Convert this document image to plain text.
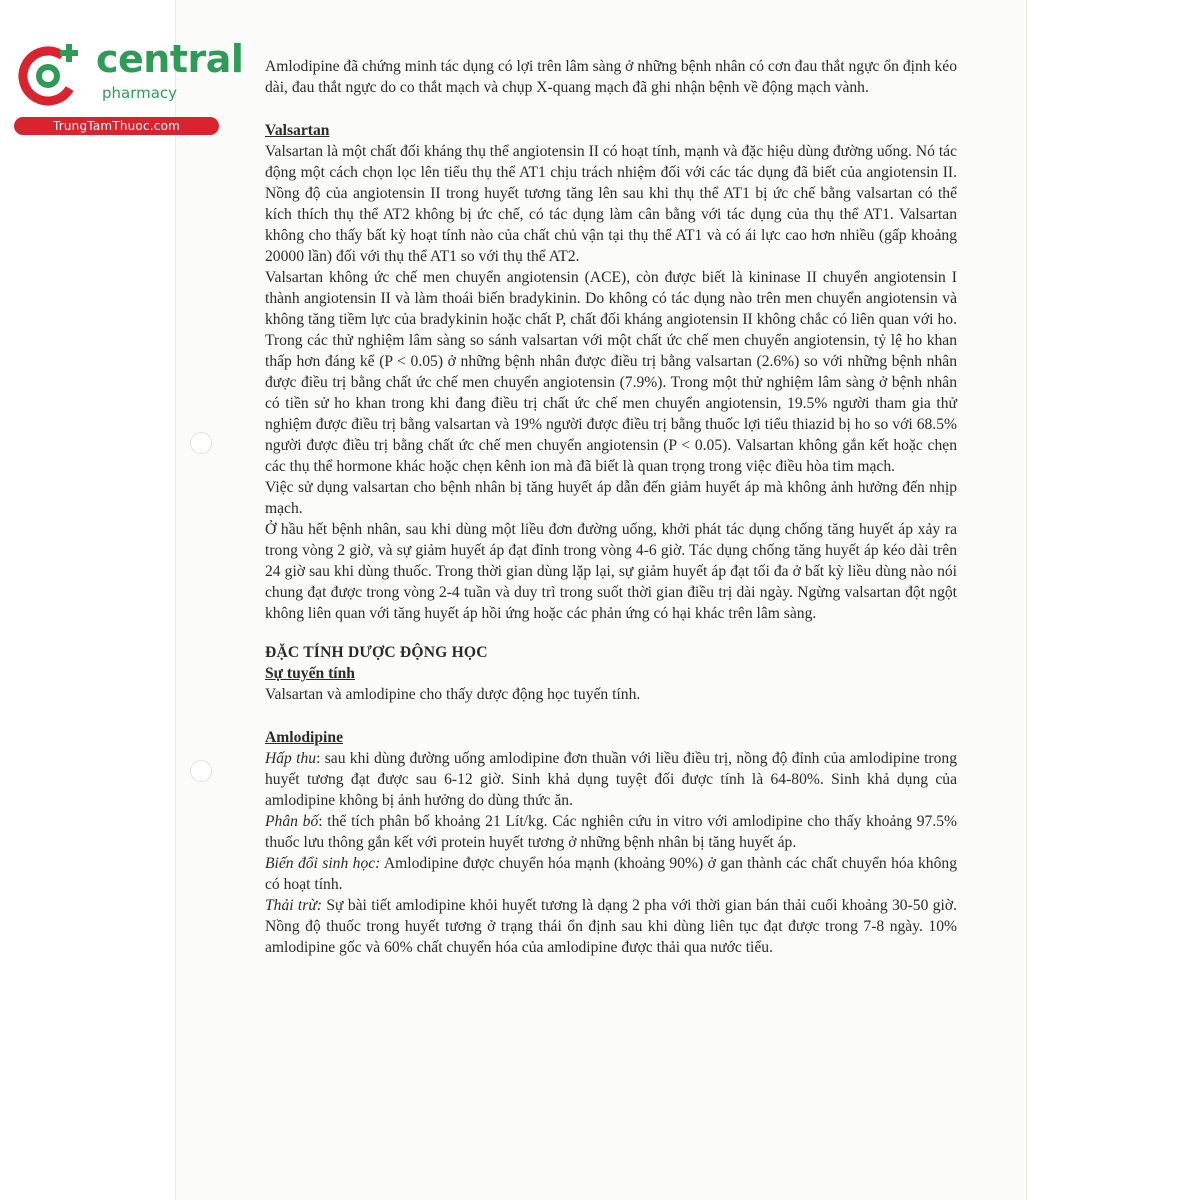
central
pharmacy
TrungTamThuoc.com

Amlodipine đã chứng minh tác dụng có lợi trên lâm sàng ở những bệnh nhân có cơn đau thắt ngực ổn định kéo dài, đau thắt ngực do co thắt mạch và chụp X-quang mạch đã ghi nhận bệnh về động mạch vành.

Valsartan

Valsartan là một chất đối kháng thụ thể angiotensin II có hoạt tính, mạnh và đặc hiệu dùng đường uống. Nó tác động một cách chọn lọc lên tiểu thụ thể AT1 chịu trách nhiệm đối với các tác dụng đã biết của angiotensin II. Nồng độ của angiotensin II trong huyết tương tăng lên sau khi thụ thể AT1 bị ức chế bằng valsartan có thể kích thích thụ thể AT2 không bị ức chế, có tác dụng làm cân bằng với tác dụng của thụ thể AT1. Valsartan không cho thấy bất kỳ hoạt tính nào của chất chủ vận tại thụ thể AT1 và có ái lực cao hơn nhiều (gấp khoảng 20000 lần) đối với thụ thể AT1 so với thụ thể AT2.

Valsartan không ức chế men chuyển angiotensin (ACE), còn được biết là kininase II chuyển angiotensin I thành angiotensin II và làm thoái biến bradykinin. Do không có tác dụng nào trên men chuyển angiotensin và không tăng tiềm lực của bradykinin hoặc chất P, chất đối kháng angiotensin II không chắc có liên quan với ho. Trong các thử nghiệm lâm sàng so sánh valsartan với một chất ức chế men chuyển angiotensin, tỷ lệ ho khan thấp hơn đáng kể (P < 0.05) ở những bệnh nhân được điều trị bằng valsartan (2.6%) so với những bệnh nhân được điều trị bằng chất ức chế men chuyển angiotensin (7.9%). Trong một thử nghiệm lâm sàng ở bệnh nhân có tiền sử ho khan trong khi đang điều trị chất ức chế men chuyển angiotensin, 19.5% người tham gia thử nghiệm được điều trị bằng valsartan và 19% người được điều trị bằng thuốc lợi tiểu thiazid bị ho so với 68.5% người được điều trị bằng chất ức chế men chuyển angiotensin (P < 0.05). Valsartan không gắn kết hoặc chẹn các thụ thể hormone khác hoặc chẹn kênh ion mà đã biết là quan trọng trong việc điều hòa tim mạch.

Việc sử dụng valsartan cho bệnh nhân bị tăng huyết áp dẫn đến giảm huyết áp mà không ảnh hưởng đến nhịp mạch.

Ở hầu hết bệnh nhân, sau khi dùng một liều đơn đường uống, khởi phát tác dụng chống tăng huyết áp xảy ra trong vòng 2 giờ, và sự giảm huyết áp đạt đỉnh trong vòng 4-6 giờ. Tác dụng chống tăng huyết áp kéo dài trên 24 giờ sau khi dùng thuốc. Trong thời gian dùng lặp lại, sự giảm huyết áp đạt tối đa ở bất kỳ liều dùng nào nói chung đạt được trong vòng 2-4 tuần và duy trì trong suốt thời gian điều trị dài ngày. Ngừng valsartan đột ngột không liên quan với tăng huyết áp hồi ứng hoặc các phản ứng có hại khác trên lâm sàng.

ĐẶC TÍNH DƯỢC ĐỘNG HỌC

Sự tuyến tính

Valsartan và amlodipine cho thấy dược động học tuyến tính.

Amlodipine

Hấp thu: sau khi dùng đường uống amlodipine đơn thuần với liều điều trị, nồng độ đỉnh của amlodipine trong huyết tương đạt được sau 6-12 giờ. Sinh khả dụng tuyệt đối được tính là 64-80%. Sinh khả dụng của amlodipine không bị ảnh hưởng do dùng thức ăn.

Phân bố: thể tích phân bố khoảng 21 Lít/kg. Các nghiên cứu in vitro với amlodipine cho thấy khoảng 97.5% thuốc lưu thông gắn kết với protein huyết tương ở những bệnh nhân bị tăng huyết áp.

Biến đổi sinh học: Amlodipine được chuyển hóa mạnh (khoảng 90%) ở gan thành các chất chuyển hóa không có hoạt tính.

Thải trừ: Sự bài tiết amlodipine khỏi huyết tương là dạng 2 pha với thời gian bán thải cuối khoảng 30-50 giờ. Nồng độ thuốc trong huyết tương ở trạng thái ổn định sau khi dùng liên tục đạt được trong 7-8 ngày. 10% amlodipine gốc và 60% chất chuyển hóa của amlodipine được thải qua nước tiểu.
